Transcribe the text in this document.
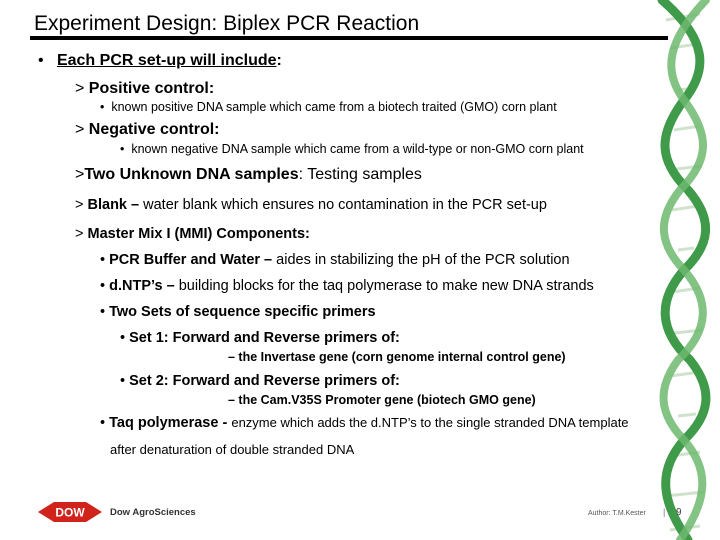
Experiment Design: Biplex PCR Reaction
• Each PCR set-up will include:
> Positive control:
• known positive DNA sample which came from a biotech traited (GMO) corn plant
> Negative control:
• known negative DNA sample which came from a wild-type or non-GMO corn plant
>Two Unknown DNA samples: Testing samples
> Blank – water blank which ensures no contamination in the PCR set-up
> Master Mix I (MMI) Components:
• PCR Buffer and Water – aides in stabilizing the pH of the PCR solution
• d.NTP’s – building blocks for the taq polymerase to make new DNA strands
• Two Sets of sequence specific primers
• Set 1: Forward and Reverse primers of:
– the Invertase gene (corn genome internal control gene)
• Set 2: Forward and Reverse primers of:
– the Cam.V35S Promoter gene (biotech GMO gene)
• Taq polymerase - enzyme which adds the d.NTP’s to the single stranded DNA template
after denaturation of double stranded DNA
DOW	Dow AgroSciences	Author: T.M.Kester | 9
